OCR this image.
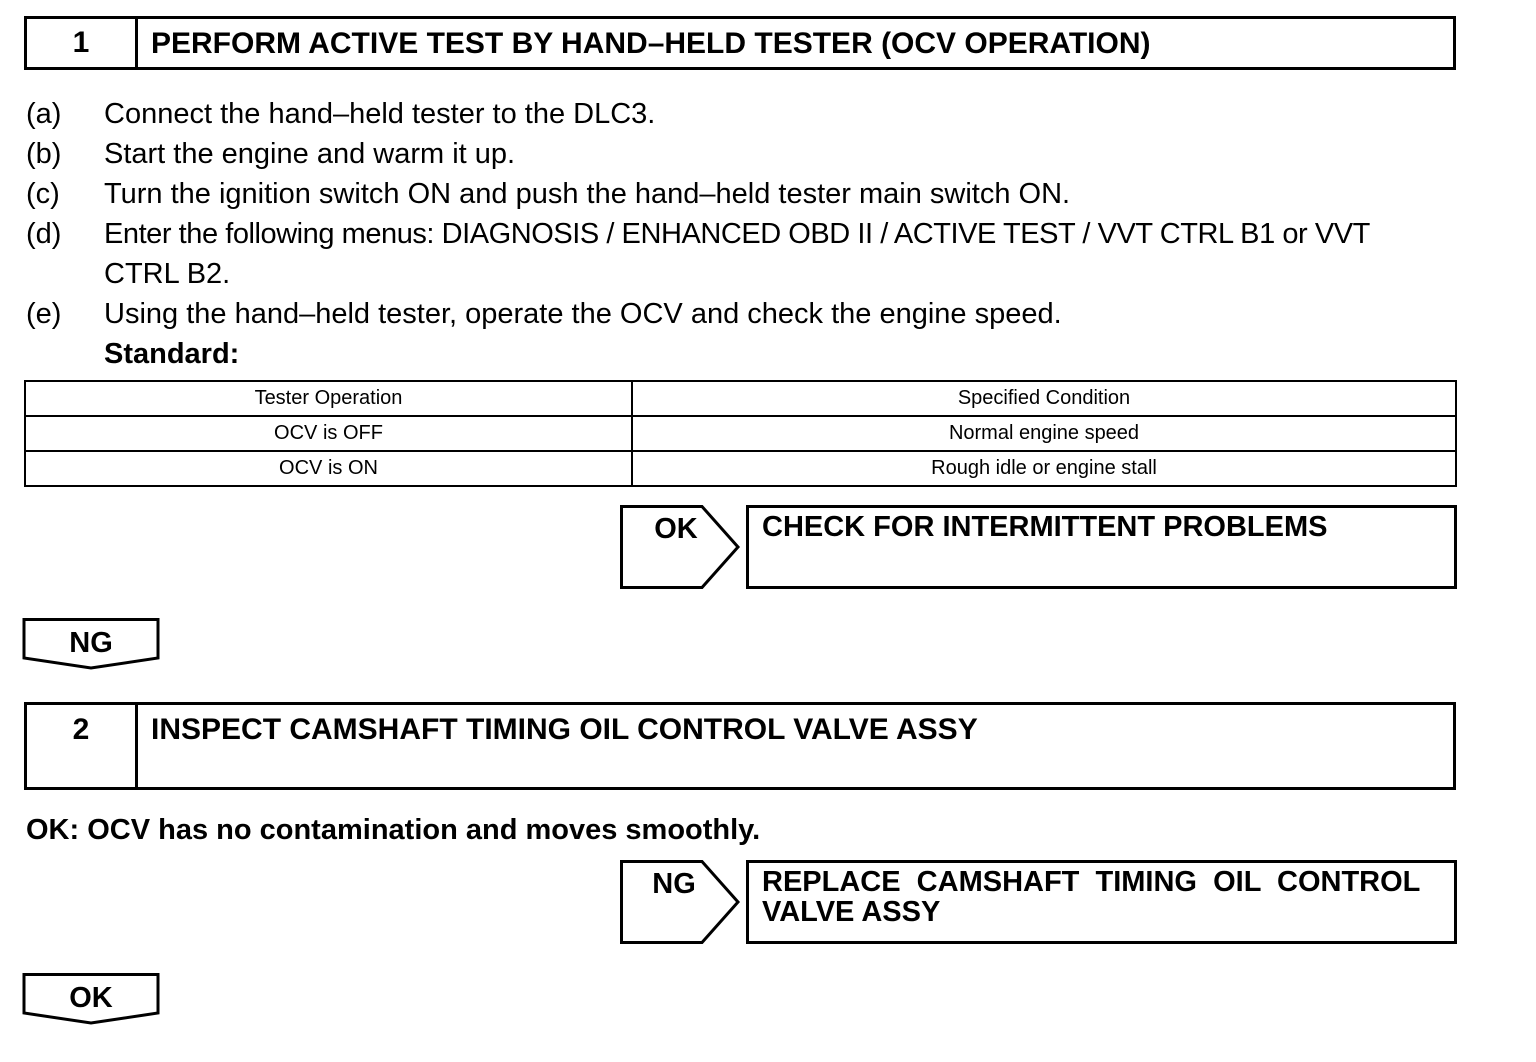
1	PERFORM ACTIVE TEST BY HAND–HELD TESTER (OCV OPERATION)
(a) Connect the hand–held tester to the DLC3.
(b) Start the engine and warm it up.
(c) Turn the ignition switch ON and push the hand–held tester main switch ON.
(d) Enter the following menus: DIAGNOSIS / ENHANCED OBD II / ACTIVE TEST / VVT CTRL B1 or VVT
CTRL B2.
(e) Using the hand–held tester, operate the OCV and check the engine speed.
Standard:
Tester Operation	Specified Condition
OCV is OFF	Normal engine speed
OCV is ON	Rough idle or engine stall
OK	CHECK FOR INTERMITTENT PROBLEMS
NG
2	INSPECT CAMSHAFT TIMING OIL CONTROL VALVE ASSY
OK: OCV has no contamination and moves smoothly.
NG	REPLACE  CAMSHAFT  TIMING  OIL  CONTROL
VALVE ASSY
OK
